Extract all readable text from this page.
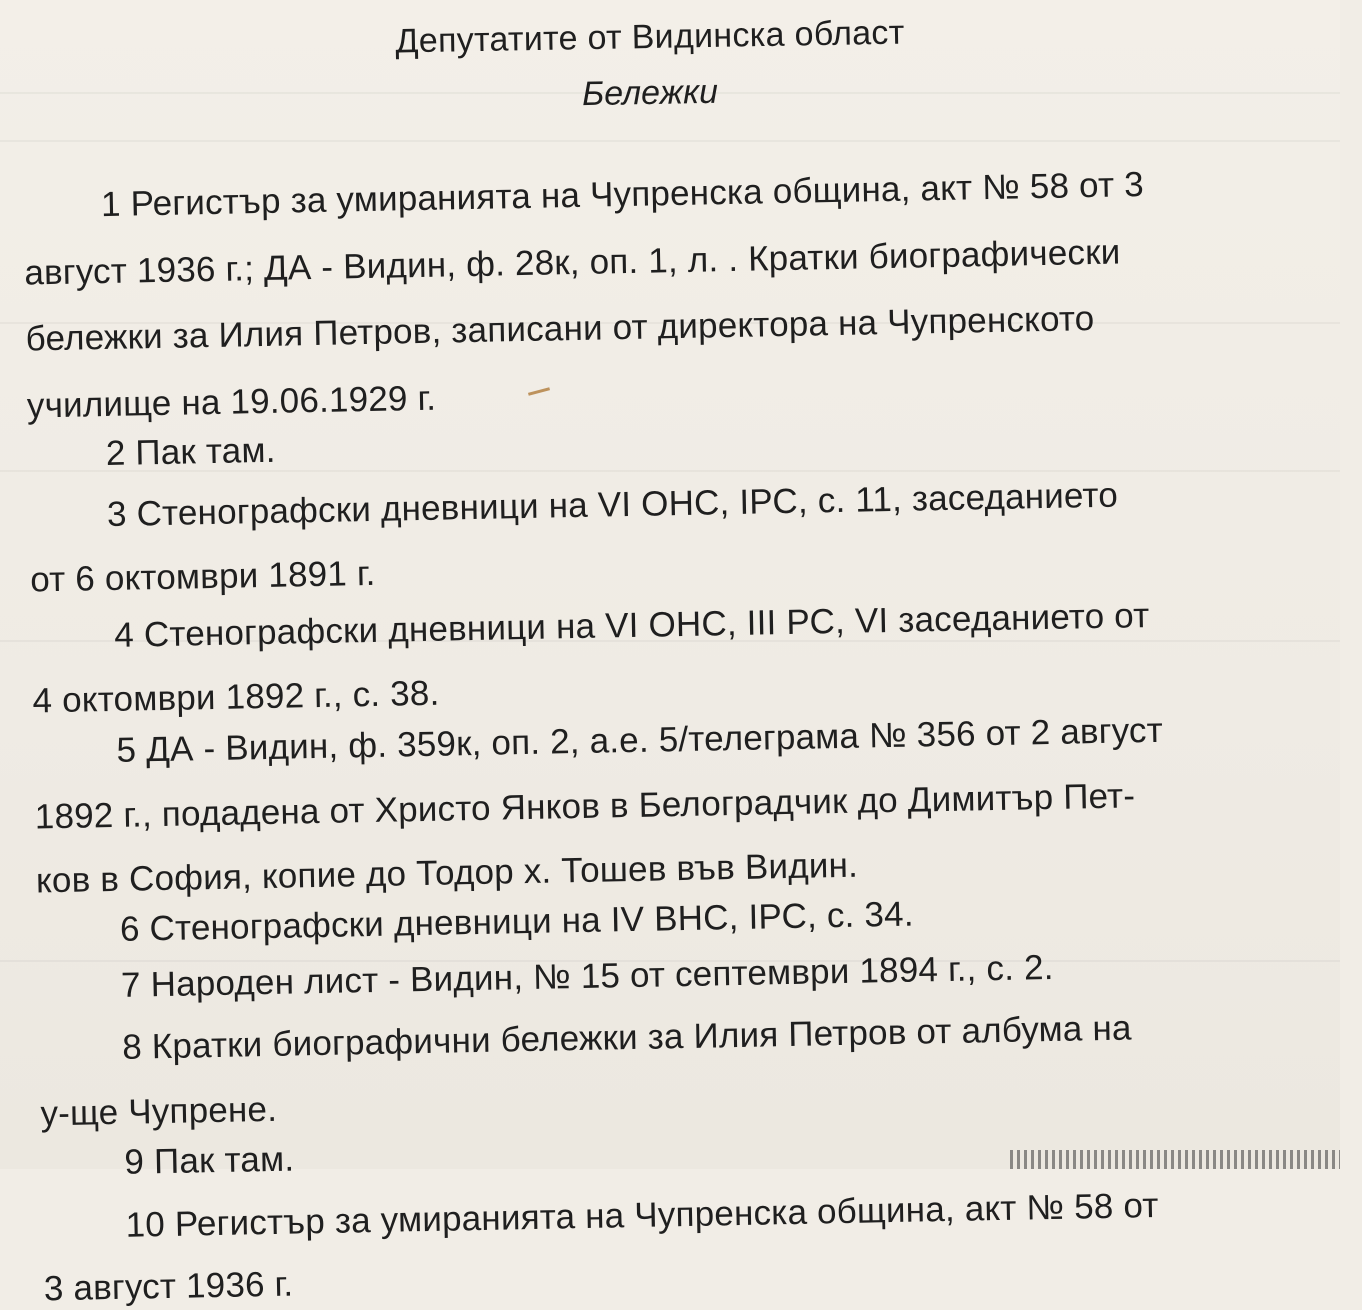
Депутатите от Видинска област
Бележки
1 Регистър за умиранията на Чупренска община, акт № 58 от 3
август 1936 г.; ДА - Видин, ф. 28к, оп. 1, л. . Кратки биографически
бележки за Илия Петров, записани от директора на Чупренското
училище на 19.06.1929 г.
2 Пак там.
3 Стенографски дневници на VI ОНС, IРС, с. 11, заседанието
от 6 октомври 1891 г.
4 Стенографски дневници на VI ОНС, III РС, VI заседанието от
4 октомври 1892 г., с. 38.
5 ДА - Видин, ф. 359к, оп. 2, а.е. 5/телеграма № 356 от 2 август
1892 г., подадена от Христо Янков в Белоградчик до Димитър Пет-
ков в София, копие до Тодор х. Тошев във Видин.
6 Стенографски дневници на IV ВНС, IРС, с. 34.
7 Народен лист - Видин, № 15 от септември 1894 г., с. 2.
8 Кратки биографични бележки за Илия Петров от албума на
у-ще Чупрене.
9 Пак там.
10 Регистър за умиранията на Чупренска община, акт № 58 от
3 август 1936 г.
